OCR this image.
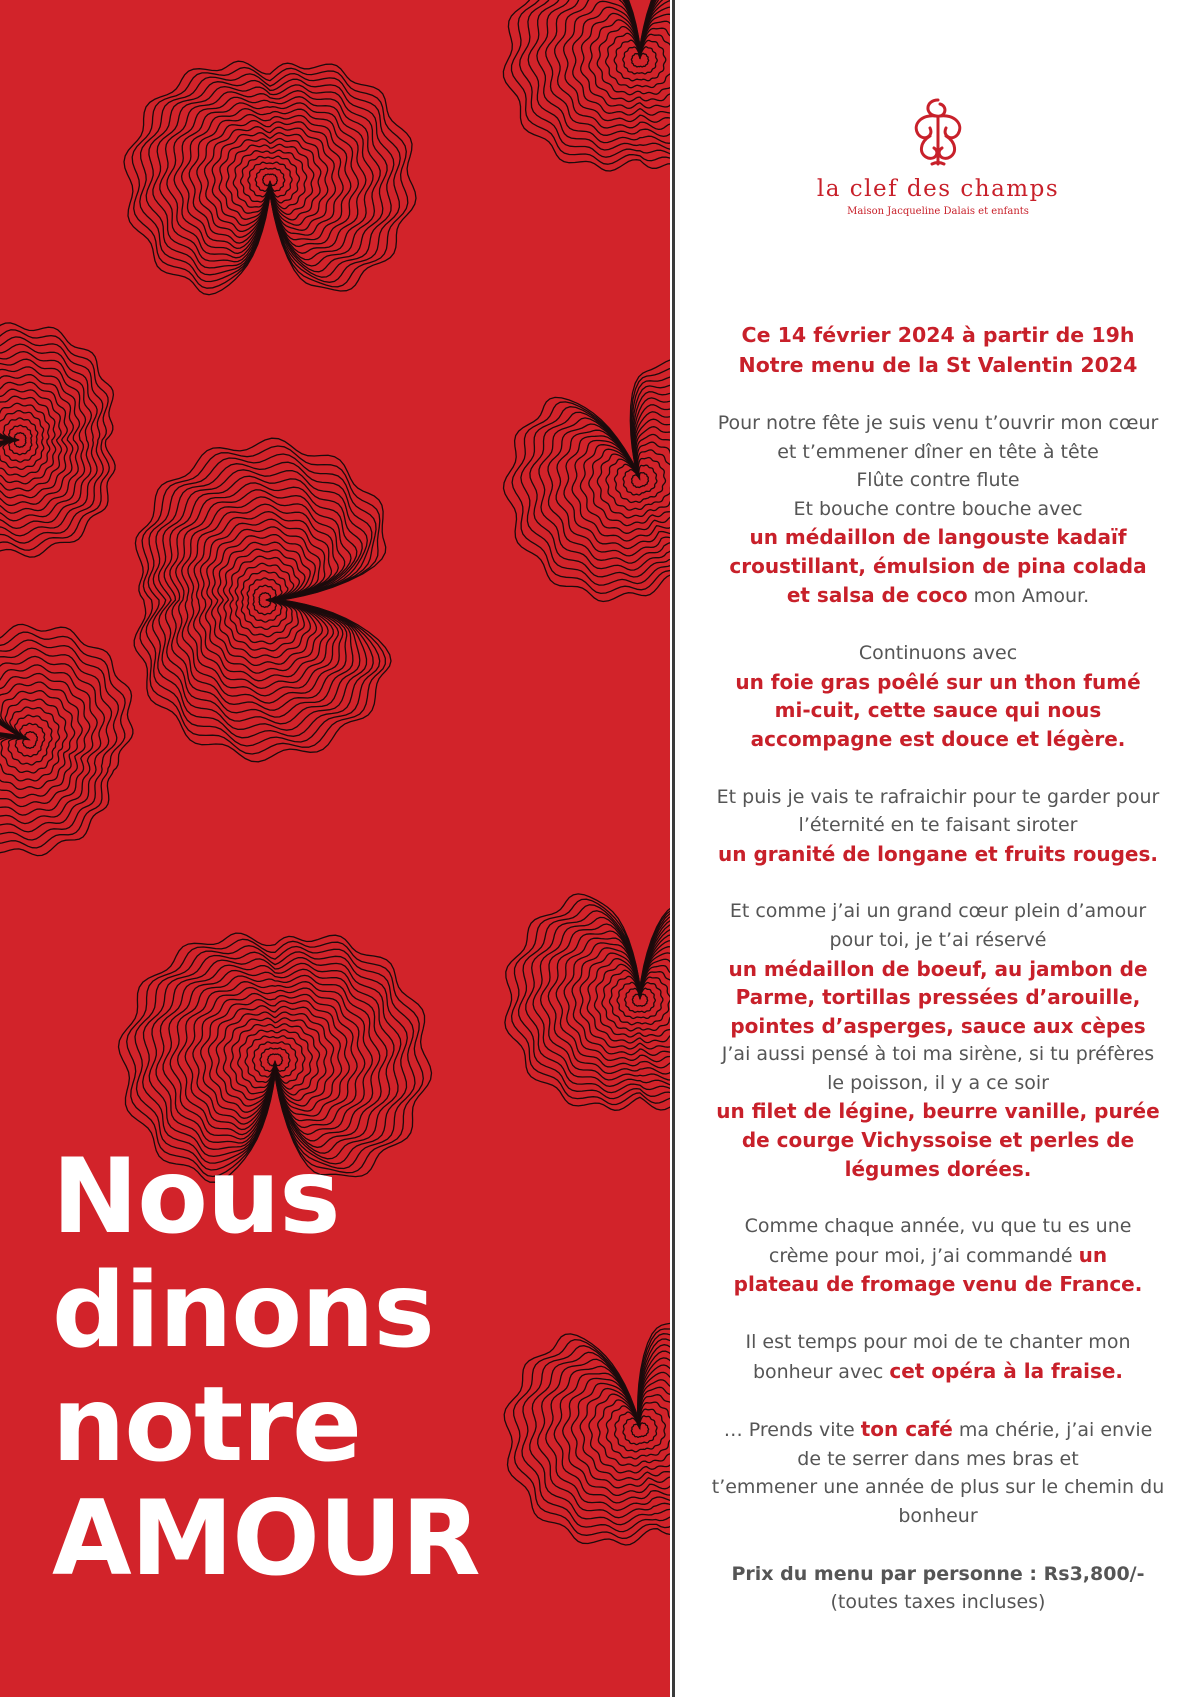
Nous
dinons
notre
AMOUR
la clef des champs
Maison Jacqueline Dalais et enfants

Ce 14 février 2024 à partir de 19h

Notre menu de la St Valentin 2024

Pour notre fête je suis venu t’ouvrir mon cœur

et t’emmener dîner en tête à tête

Flûte contre flute

Et bouche contre bouche avec

un médaillon de langouste kadaïf

croustillant, émulsion de pina colada

et salsa de coco mon Amour.

Continuons avec

un foie gras poêlé sur un thon fumé

mi-cuit, cette sauce qui nous

accompagne est douce et légère.

Et puis je vais te rafraichir pour te garder pour

l’éternité en te faisant siroter

un granité de longane et fruits rouges.

Et comme j’ai un grand cœur plein d’amour

pour toi, je t’ai réservé

un médaillon de boeuf, au jambon de

Parme, tortillas pressées d’arouille,

pointes d’asperges, sauce aux cèpes

J’ai aussi pensé à toi ma sirène, si tu préfères

le poisson, il y a ce soir

un filet de légine, beurre vanille, purée

de courge Vichyssoise et perles de

légumes dorées.

Comme chaque année, vu que tu es une

crème pour moi, j’ai commandé un

plateau de fromage venu de France.

Il est temps pour moi de te chanter mon

bonheur avec cet opéra à la fraise.

… Prends vite ton café ma chérie, j’ai envie

de te serrer dans mes bras et

t’emmener une année de plus sur le chemin du

bonheur

Prix du menu par personne : Rs3,800/-

(toutes taxes incluses)
